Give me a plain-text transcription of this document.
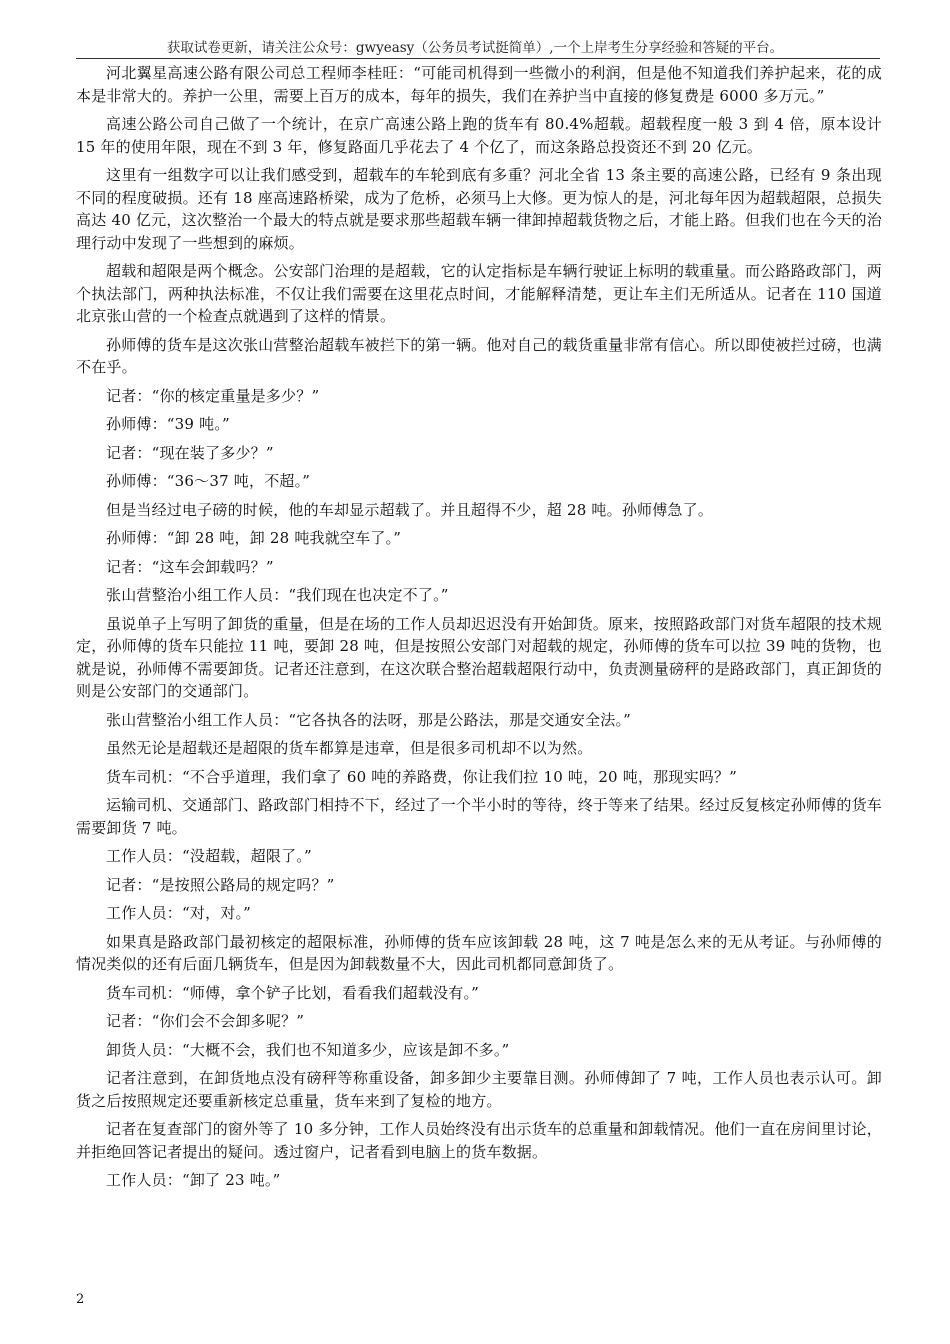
获取试卷更新，请关注公众号：gwyeasy（公务员考试挺简单）,一个上岸考生分享经验和答疑的平台。

河北翼星高速公路有限公司总工程师李桂旺：“可能司机得到一些微小的利润，但是他不知道我们养护起来，花的成本是非常大的。养护一公里，需要上百万的成本，每年的损失，我们在养护当中直接的修复费是 6000 多万元。”

高速公路公司自己做了一个统计，在京广高速公路上跑的货车有 80.4%超载。超载程度一般 3 到 4 倍，原本设计 15 年的使用年限，现在不到 3 年，修复路面几乎花去了 4 个亿了，而这条路总投资还不到 20 亿元。

这里有一组数字可以让我们感受到，超载车的车轮到底有多重？河北全省 13 条主要的高速公路，已经有 9 条出现不同的程度破损。还有 18 座高速路桥梁，成为了危桥，必须马上大修。更为惊人的是，河北每年因为超载超限，总损失高达 40 亿元，这次整治一个最大的特点就是要求那些超载车辆一律卸掉超载货物之后，才能上路。但我们也在今天的治理行动中发现了一些想到的麻烦。

超载和超限是两个概念。公安部门治理的是超载，它的认定指标是车辆行驶证上标明的载重量。而公路路政部门，两个执法部门，两种执法标准，不仅让我们需要在这里花点时间，才能解释清楚，更让车主们无所适从。记者在 110 国道北京张山营的一个检查点就遇到了这样的情景。

孙师傅的货车是这次张山营整治超载车被拦下的第一辆。他对自己的载货重量非常有信心。所以即使被拦过磅，也满不在乎。

记者：“你的核定重量是多少？”

孙师傅：“39 吨。”

记者：“现在装了多少？”

孙师傅：“36～37 吨，不超。”

但是当经过电子磅的时候，他的车却显示超载了。并且超得不少，超 28 吨。孙师傅急了。

孙师傅：“卸 28 吨，卸 28 吨我就空车了。”

记者：“这车会卸载吗？”

张山营整治小组工作人员：“我们现在也决定不了。”

虽说单子上写明了卸货的重量，但是在场的工作人员却迟迟没有开始卸货。原来，按照路政部门对货车超限的技术规定，孙师傅的货车只能拉 11 吨，要卸 28 吨，但是按照公安部门对超载的规定，孙师傅的货车可以拉 39 吨的货物，也就是说，孙师傅不需要卸货。记者还注意到，在这次联合整治超载超限行动中，负责测量磅秤的是路政部门，真正卸货的则是公安部门的交通部门。

张山营整治小组工作人员：“它各执各的法呀，那是公路法，那是交通安全法。”

虽然无论是超载还是超限的货车都算是违章，但是很多司机却不以为然。

货车司机：“不合乎道理，我们拿了 60 吨的养路费，你让我们拉 10 吨，20 吨，那现实吗？”

运输司机、交通部门、路政部门相持不下，经过了一个半小时的等待，终于等来了结果。经过反复核定孙师傅的货车需要卸货 7 吨。

工作人员：“没超载，超限了。”

记者：“是按照公路局的规定吗？”

工作人员：“对，对。”

如果真是路政部门最初核定的超限标准，孙师傅的货车应该卸载 28 吨，这 7 吨是怎么来的无从考证。与孙师傅的情况类似的还有后面几辆货车，但是因为卸载数量不大，因此司机都同意卸货了。

货车司机：“师傅，拿个铲子比划，看看我们超载没有。”

记者：“你们会不会卸多呢？”

卸货人员：“大概不会，我们也不知道多少，应该是卸不多。”

记者注意到，在卸货地点没有磅秤等称重设备，卸多卸少主要靠目测。孙师傅卸了 7 吨，工作人员也表示认可。卸货之后按照规定还要重新核定总重量，货车来到了复检的地方。

记者在复查部门的窗外等了 10 多分钟，工作人员始终没有出示货车的总重量和卸载情况。他们一直在房间里讨论，并拒绝回答记者提出的疑问。透过窗户，记者看到电脑上的货车数据。

工作人员：“卸了 23 吨。”

2
